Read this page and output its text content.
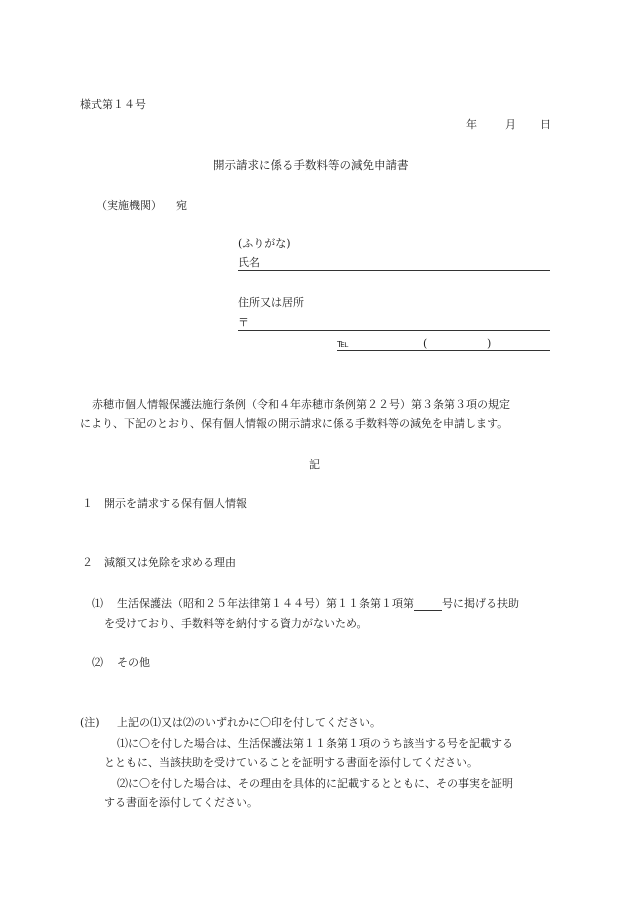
様式第１４号
年	月 日
開示請求に係る手数料等の減免申請書
（実施機関） 宛
(ふりがな)
氏名
住所又は居所
〒
℡	(	)
赤穂市個人情報保護法施行条例（令和４年赤穂市条例第２２号）第３条第３項の規定
により、下記のとおり、保有個人情報の開示請求に係る手数料等の減免を申請します。
記
１ 開示を請求する保有個人情報
２ 減額又は免除を求める理由
⑴ 生活保護法（昭和２５年法律第１４４号）第１１条第１項第	号に掲げる扶助
を受けており、手数料等を納付する資力がないため。
⑵ その他
(注) 上記の⑴又は⑵のいずれかに〇印を付してください。
⑴に〇を付した場合は、生活保護法第１１条第１項のうち該当する号を記載する
とともに、当該扶助を受けていることを証明する書面を添付してください。
⑵に〇を付した場合は、その理由を具体的に記載するとともに、その事実を証明
する書面を添付してください。
